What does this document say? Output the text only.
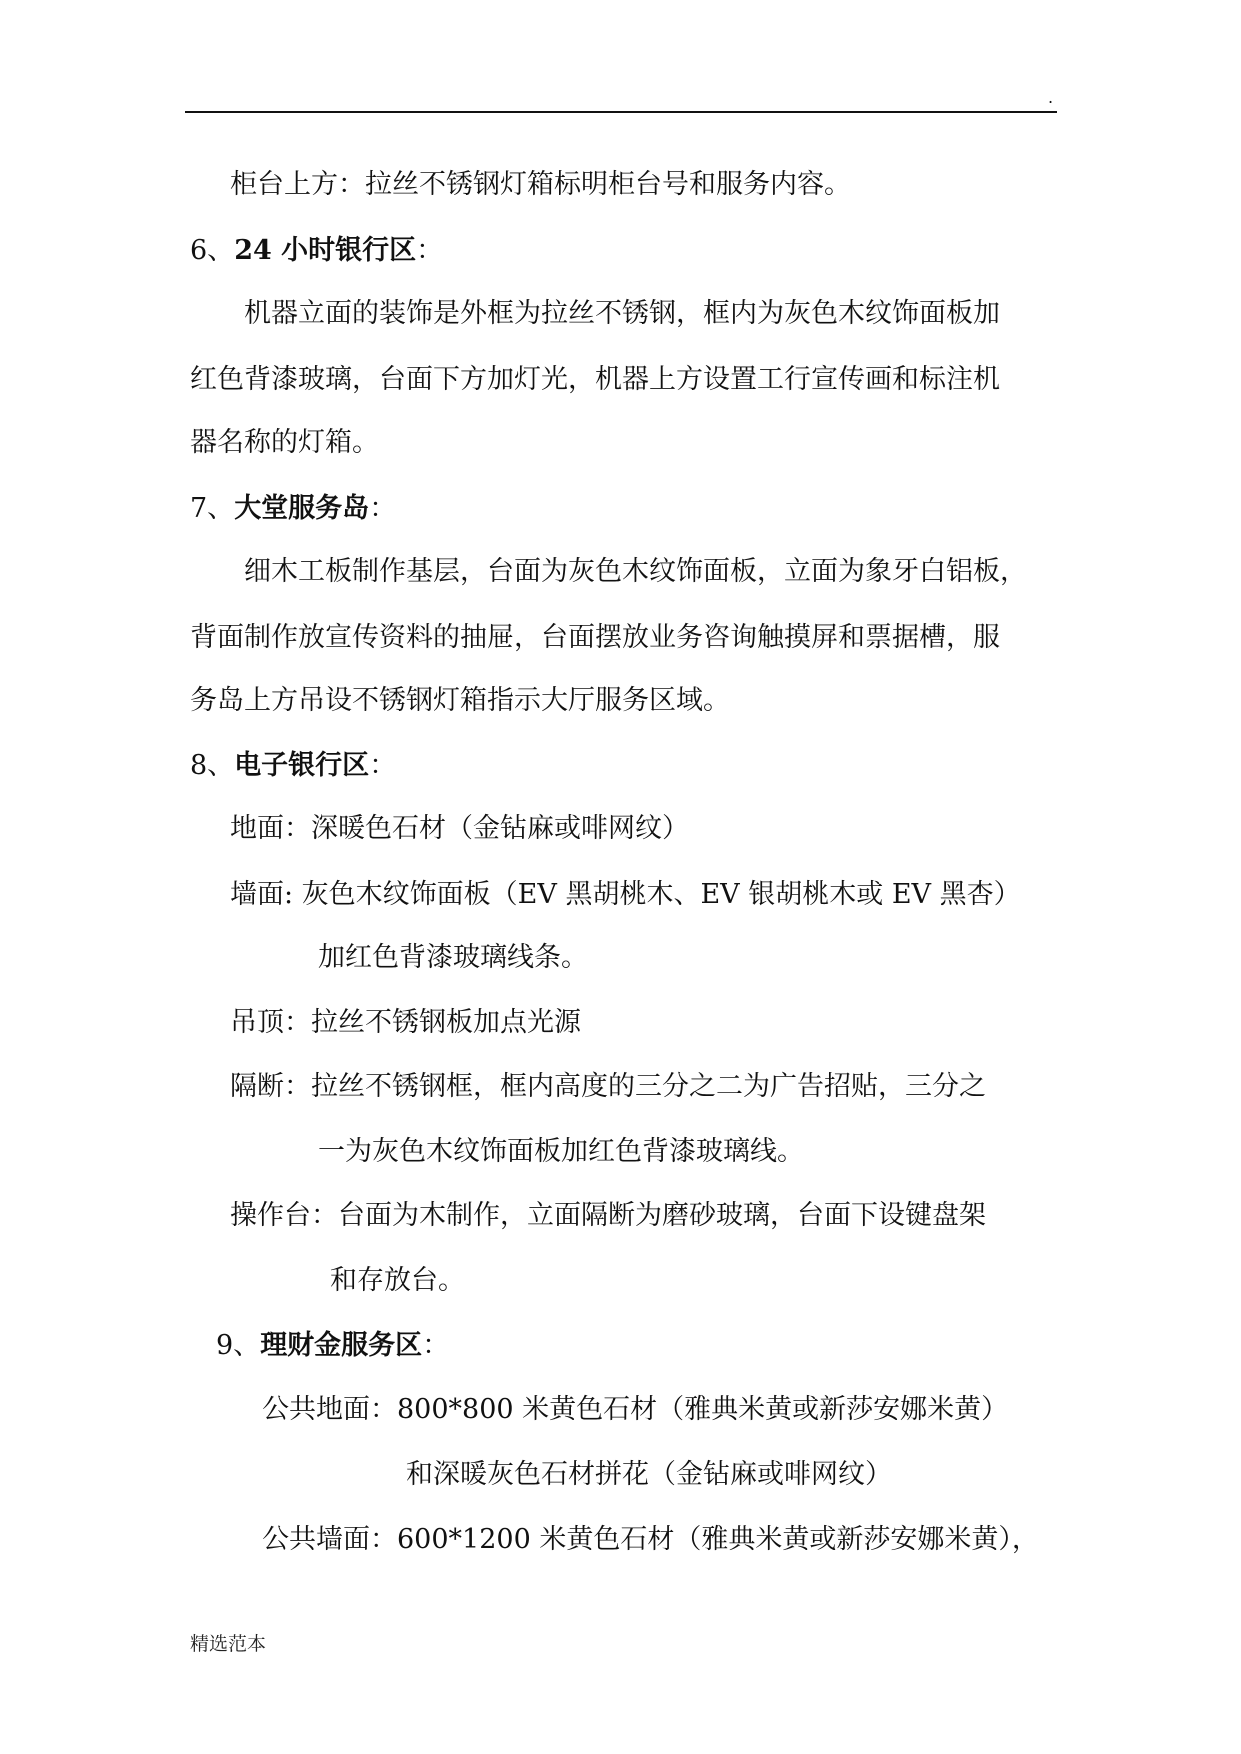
.
柜台上方：拉丝不锈钢灯箱标明柜台号和服务内容。
6、24 小时银行区：
机器立面的装饰是外框为拉丝不锈钢，框内为灰色木纹饰面板加
红色背漆玻璃，台面下方加灯光，机器上方设置工行宣传画和标注机
器名称的灯箱。
7、大堂服务岛：
细木工板制作基层，台面为灰色木纹饰面板，立面为象牙白铝板，
背面制作放宣传资料的抽屉，台面摆放业务咨询触摸屏和票据槽，服
务岛上方吊设不锈钢灯箱指示大厅服务区域。
8、电子银行区：
地面：深暖色石材（金钻麻或啡网纹）
墙面: 灰色木纹饰面板（EV 黑胡桃木、EV 银胡桃木或 EV 黑杏）
加红色背漆玻璃线条。
吊顶：拉丝不锈钢板加点光源
隔断：拉丝不锈钢框，框内高度的三分之二为广告招贴，三分之
一为灰色木纹饰面板加红色背漆玻璃线。
操作台：台面为木制作，立面隔断为磨砂玻璃，台面下设键盘架
和存放台。
9、理财金服务区：
公共地面：800*800 米黄色石材（雅典米黄或新莎安娜米黄）
和深暖灰色石材拼花（金钻麻或啡网纹）
公共墙面：600*1200 米黄色石材（雅典米黄或新莎安娜米黄），
精选范本
